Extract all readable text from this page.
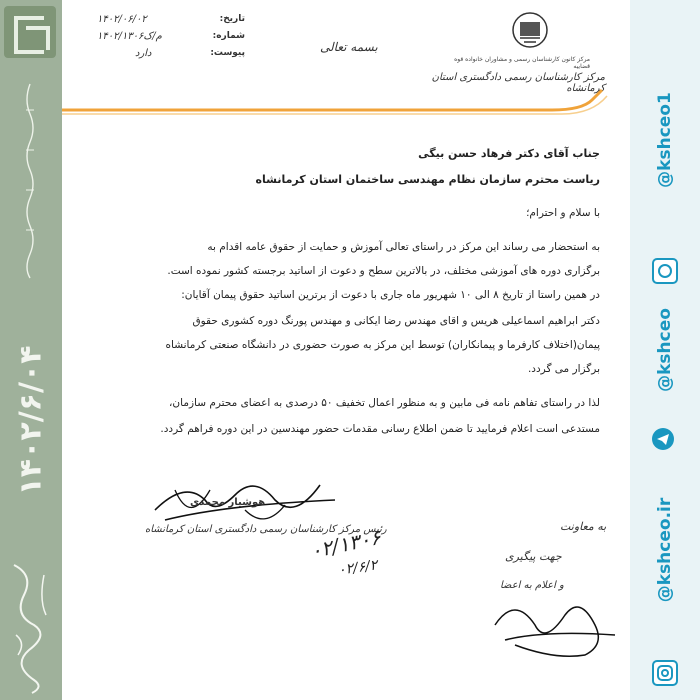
۱۴۰۲/۶/۰۴
مرکز کانون کارشناسان رسمی و مشاوران خانواده قوه قضاییه
مرکز کارشناسان رسمی دادگستری استان کرمانشاه
بسمه تعالی
۱۴۰۲/۰۶/۰۲	تاریخ:
۱۴۰۲/۱۳۰۶م/ک	شماره:
دارد	پیوست:
جناب آقای دکتر فرهاد حسن بیگی
ریاست محترم سازمان نظام مهندسی ساختمان استان کرمانشاه
با سلام و احترام؛
به استحضار می رساند این مرکز در راستای تعالی آموزش و حمایت از حقوق عامه اقدام به
برگزاری دوره های آموزشی مختلف، در بالاترین سطح و دعوت از اساتید برجسته کشور نموده است.
در همین راستا از تاریخ ۸ الی ۱۰ شهریور ماه جاری با دعوت از برترین اساتید حقوق پیمان آقایان:
دکتر ابراهیم اسماعیلی هریس و اقای مهندس رضا ایکانی و مهندس پورنگ دوره کشوری حقوق
پیمان(اختلاف کارفرما و پیمانکاران) توسط این مرکز به صورت حضوری در دانشگاه صنعتی کرمانشاه
برگزار می گردد.
لذا در راستای تفاهم نامه فی مابین و به منظور اعمال تخفیف ۵۰ درصدی به اعضای محترم سازمان،
مستدعی است اعلام فرمایید تا ضمن اطلاع رسانی مقدمات حضور مهندسین در این دوره فراهم گردد.
هوشیار محمدی
رئیس مرکز کارشناسان رسمی دادگستری استان کرمانشاه
۰۲/۱۳۰۶
۰۲/۶/۲
به معاونت
جهت پیگیری
و اعلام به اعضا
@kshceo1
@kshceo
@kshceo.ir
